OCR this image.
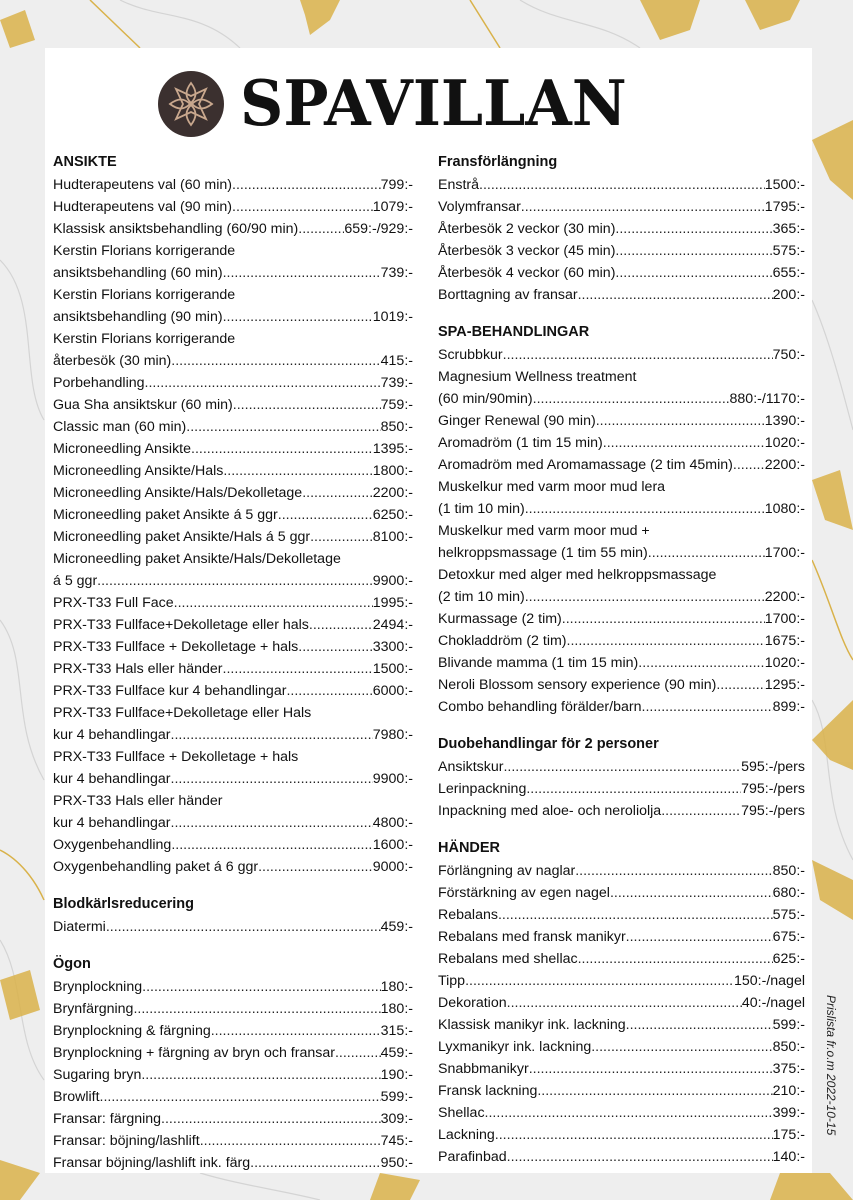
SPAVILLAN
ANSIKTE
Hudterapeutens val (60 min) .....	799:-
Hudterapeutens val (90 min) .....	1079:-
Klassisk ansiktsbehandling (60/90 min) .....	659:-/929:-
Kerstin Florians korrigerande
ansiktsbehandling (60 min) .....	739:-
Kerstin Florians korrigerande
ansiktsbehandling (90 min) .....	1019:-
Kerstin Florians korrigerande
återbesök (30 min) .....	415:-
Porbehandling .....	739:-
Gua Sha ansiktskur (60 min) .....	759:-
Classic man (60 min) .....	850:-
Microneedling Ansikte .....	1395:-
Microneedling Ansikte/Hals .....	1800:-
Microneedling Ansikte/Hals/Dekolletage .....	2200:-
Microneedling paket Ansikte á 5 ggr .....	6250:-
Microneedling paket Ansikte/Hals á 5 ggr .....	8100:-
Microneedling paket Ansikte/Hals/Dekolletage
á 5 ggr .....	9900:-
PRX-T33 Full Face .....	1995:-
PRX-T33 Fullface+Dekolletage eller hals .....	2494:-
PRX-T33 Fullface + Dekolletage + hals .....	3300:-
PRX-T33 Hals eller händer .....	1500:-
PRX-T33 Fullface kur 4 behandlingar .....	6000:-
PRX-T33 Fullface+Dekolletage eller Hals
kur 4 behandlingar .....	7980:-
PRX-T33 Fullface + Dekolletage + hals
kur 4 behandlingar .....	9900:-
PRX-T33 Hals eller händer
kur 4 behandlingar .....	4800:-
Oxygenbehandling .....	1600:-
Oxygenbehandling paket á 6 ggr .....	9000:-
Blodkärlsreducering
Diatermi .....	459:-
Ögon
Brynplockning .....	180:-
Brynfärgning .....	180:-
Brynplockning & färgning .....	315:-
Brynplockning + färgning av bryn och fransar .....	459:-
Sugaring bryn .....	190:-
Browlift .....	599:-
Fransar: färgning .....	309:-
Fransar: böjning/lashlift .....	745:-
Fransar böjning/lashlift ink. färg .....	950:-
Fransförlängning
Enstrå .....	1500:-
Volymfransar .....	1795:-
Återbesök 2 veckor (30 min) .....	365:-
Återbesök 3 veckor (45 min) .....	575:-
Återbesök 4 veckor (60 min) .....	655:-
Borttagning av fransar .....	200:-
SPA-BEHANDLINGAR
Scrubbkur .....	750:-
Magnesium Wellness treatment
(60 min/90min) .....	880:-/1170:-
Ginger Renewal (90 min) .....	1390:-
Aromadröm (1 tim 15 min) .....	1020:-
Aromadröm med Aromamassage (2 tim 45min) ..... 2200:-
Muskelkur med varm moor mud lera
(1 tim 10 min) .....	1080:-
Muskelkur med varm moor mud +
helkroppsmassage (1 tim 55 min) .....	1700:-
Detoxkur med alger med helkroppsmassage
(2 tim 10 min) .....	2200:-
Kurmassage (2 tim) .....	1700:-
Chokladdröm (2 tim) .....	1675:-
Blivande mamma (1 tim 15 min) .....	1020:-
Neroli Blossom sensory experience (90 min) .....	1295:-
Combo behandling förälder/barn .....	899:-
Duobehandlingar för 2 personer
Ansiktskur .....	595:-/pers
Lerinpackning .....	795:-/pers
Inpackning med aloe- och neroliolja .....	795:-/pers
HÄNDER
Förlängning av naglar .....	850:-
Förstärkning av egen nagel .....	680:-
Rebalans .....	575:-
Rebalans med fransk manikyr .....	675:-
Rebalans med shellac .....	625:-
Tipp .....	150:-/nagel
Dekoration .....	40:-/nagel
Klassisk manikyr ink. lackning .....	599:-
Lyxmanikyr ink. lackning .....	850:-
Snabbmanikyr .....	375:-
Fransk lackning .....	210:-
Shellac .....	399:-
Lackning .....	175:-
Parafinbad .....	140:-
Prislista fr.o.m 2022-10-15
